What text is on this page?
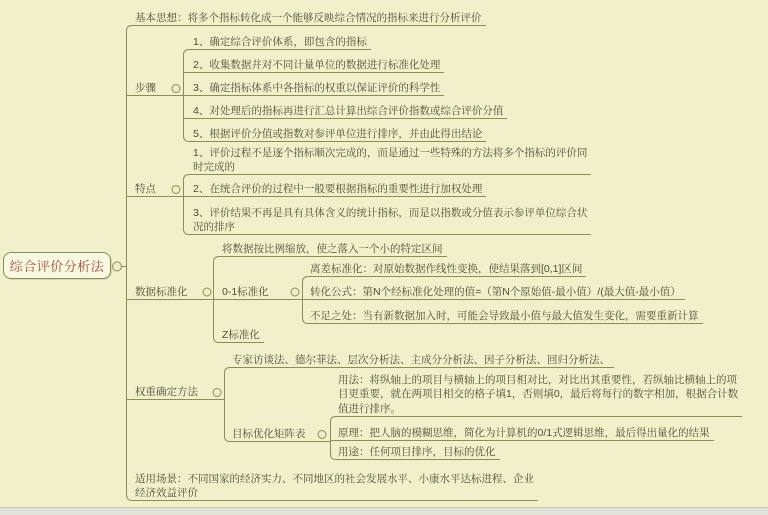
综合评价分析法
基本思想：将多个指标转化成一个能够反映综合情况的指标来进行分析评价
步骤
1、确定综合评价体系，即包含的指标
2、收集数据并对不同计量单位的数据进行标准化处理
3、确定指标体系中各指标的权重以保证评价的科学性
4、对处理后的指标再进行汇总计算出综合评价指数或综合评价分值
5、根据评价分值或指数对参评单位进行排序，并由此得出结论
特点
1、评价过程不是逐个指标顺次完成的，而是通过一些特殊的方法将多个指标的评价同
时完成的
2、在统合评价的过程中一般要根据指标的重要性进行加权处理
3、评价结果不再是具有具体含义的统计指标，而是以指数或分值表示参评单位综合状
况的排序
数据标准化
将数据按比例缩放，使之落入一个小的特定区间
0-1标准化
离差标准化：对原始数据作线性变换，使结果落到[0,1]区间
转化公式：第N个经标准化处理的值=（第N个原始值-最小值）/(最大值-最小值）
不足之处：当有新数据加入时，可能会导致最小值与最大值发生变化，需要重新计算
Z标准化
权重确定方法
专家访谈法、德尔菲法、层次分析法、主成分分析法、因子分析法、回归分析法、
目标优化矩阵表
用法：将纵轴上的项目与横轴上的项目相对比，对比出其重要性，若纵轴比横轴上的项
目更重要，就在两项目相交的格子填1，否则填0，最后将每行的数字相加，根据合计数
值进行排序。
原理：把人脑的模糊思维，简化为计算机的0/1式逻辑思维，最后得出量化的结果
用途：任何项目排序，目标的优化
适用场景：不同国家的经济实力、不同地区的社会发展水平、小康水平达标进程、企业
经济效益评价
